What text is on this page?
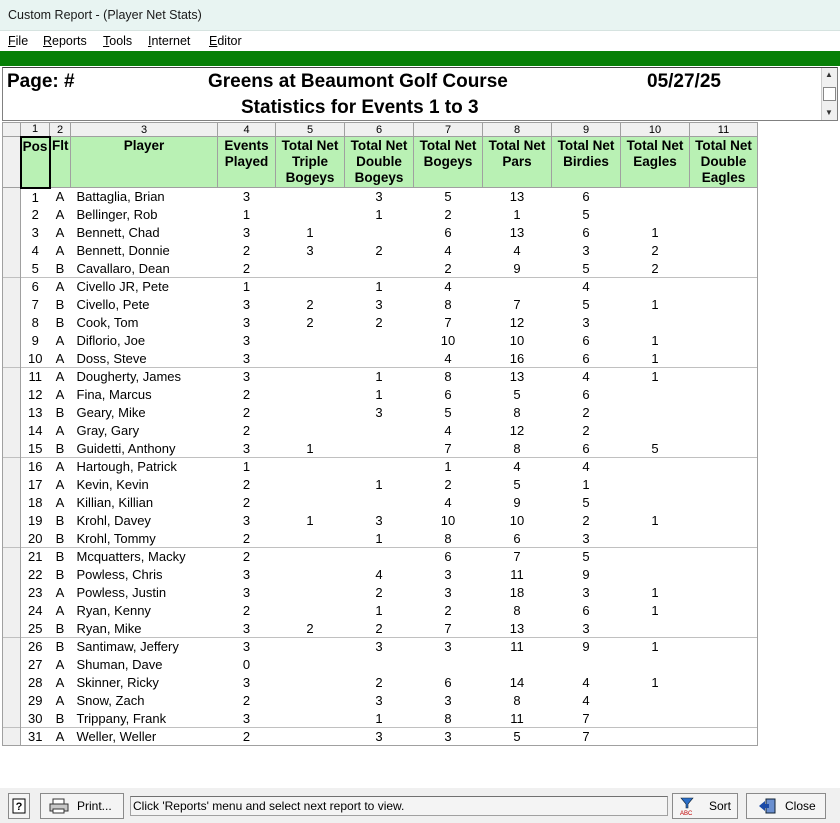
Custom Report - (Player Net Stats)
File Reports Tools Internet Editor
Page: #	Greens at Beaumont Golf Course	05/27/25
Statistics for Events 1 to 3
▲
▼
	1	2	3	4	5	6	7	8	9	10	11
	Pos	Flt	Player	Events Played	Total Net Triple Bogeys	Total Net Double Bogeys	Total Net Bogeys	Total Net Pars	Total Net Birdies	Total Net Eagles	Total Net Double Eagles
	1	A	Battaglia, Brian	3		3	5	13	6		
	2	A	Bellinger, Rob	1		1	2	1	5		
	3	A	Bennett, Chad	3	1		6	13	6	1	
	4	A	Bennett, Donnie	2	3	2	4	4	3	2	
	5	B	Cavallaro, Dean	2			2	9	5	2	
	6	A	Civello JR, Pete	1		1	4		4		
	7	B	Civello, Pete	3	2	3	8	7	5	1	
	8	B	Cook, Tom	3	2	2	7	12	3		
	9	A	Diflorio, Joe	3			10	10	6	1	
	10	A	Doss, Steve	3			4	16	6	1	
	11	A	Dougherty, James	3		1	8	13	4	1	
	12	A	Fina, Marcus	2		1	6	5	6		
	13	B	Geary, Mike	2		3	5	8	2		
	14	A	Gray, Gary	2			4	12	2		
	15	B	Guidetti, Anthony	3	1		7	8	6	5	
	16	A	Hartough, Patrick	1			1	4	4		
	17	A	Kevin, Kevin	2		1	2	5	1		
	18	A	Killian, Killian	2			4	9	5		
	19	B	Krohl, Davey	3	1	3	10	10	2	1	
	20	B	Krohl, Tommy	2		1	8	6	3		
	21	B	Mcquatters, Macky	2			6	7	5		
	22	B	Powless, Chris	3		4	3	11	9		
	23	A	Powless, Justin	3		2	3	18	3	1	
	24	A	Ryan, Kenny	2		1	2	8	6	1	
	25	B	Ryan, Mike	3	2	2	7	13	3		
	26	B	Santimaw, Jeffery	3		3	3	11	9	1	
	27	A	Shuman, Dave	0							
	28	A	Skinner, Ricky	3		2	6	14	4	1	
	29	A	Snow, Zach	2		3	3	8	4		
	30	B	Trippany, Frank	3		1	8	11	7		
	31	A	Weller, Weller	2		3	3	5	7		
?	Print... Click 'Reports' menu and select next report to view.
ABC
Sort	Close
